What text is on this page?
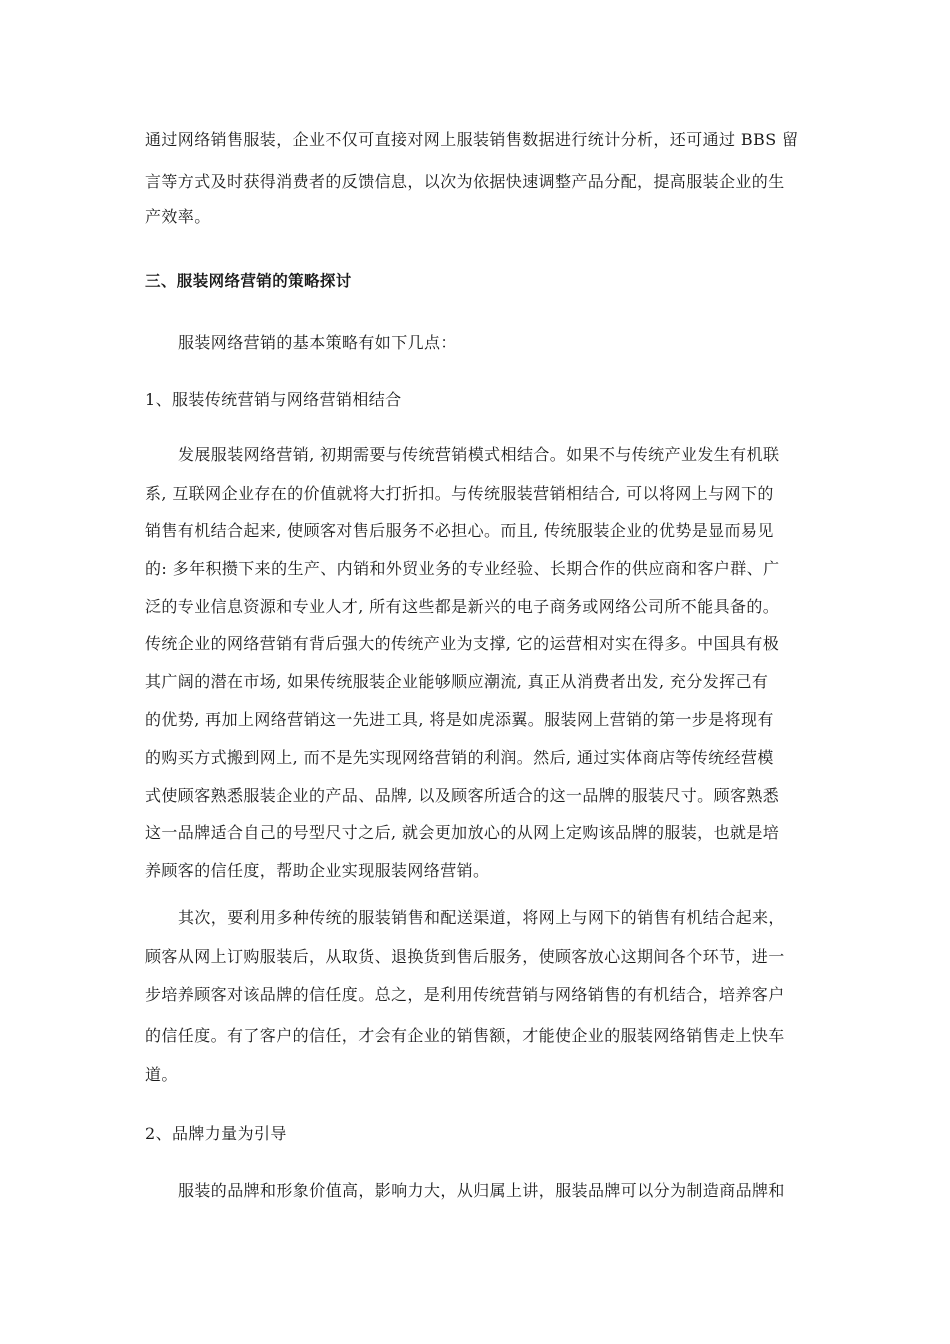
通过网络销售服装，企业不仅可直接对网上服装销售数据进行统计分析，还可通过 BBS 留
言等方式及时获得消费者的反馈信息，以次为依据快速调整产品分配，提高服装企业的生
产效率。
三、服装网络营销的策略探讨
服装网络营销的基本策略有如下几点：
1、服装传统营销与网络营销相结合
发展服装网络营销, 初期需要与传统营销模式相结合。如果不与传统产业发生有机联
系, 互联网企业存在的价值就将大打折扣。与传统服装营销相结合, 可以将网上与网下的
销售有机结合起来, 使顾客对售后服务不必担心。而且, 传统服装企业的优势是显而易见
的: 多年积攒下来的生产、内销和外贸业务的专业经验、长期合作的供应商和客户群、广
泛的专业信息资源和专业人才, 所有这些都是新兴的电子商务或网络公司所不能具备的。
传统企业的网络营销有背后强大的传统产业为支撑, 它的运营相对实在得多。中国具有极
其广阔的潜在市场, 如果传统服装企业能够顺应潮流, 真正从消费者出发, 充分发挥己有
的优势, 再加上网络营销这一先进工具, 将是如虎添翼。服装网上营销的第一步是将现有
的购买方式搬到网上, 而不是先实现网络营销的利润。然后, 通过实体商店等传统经营模
式使顾客熟悉服装企业的产品、品牌, 以及顾客所适合的这一品牌的服装尺寸。顾客熟悉
这一品牌适合自己的号型尺寸之后, 就会更加放心的从网上定购该品牌的服装，也就是培
养顾客的信任度，帮助企业实现服装网络营销。
其次，要利用多种传统的服装销售和配送渠道，将网上与网下的销售有机结合起来，
顾客从网上订购服装后，从取货、退换货到售后服务，使顾客放心这期间各个环节，进一
步培养顾客对该品牌的信任度。总之，是利用传统营销与网络销售的有机结合，培养客户
的信任度。有了客户的信任，才会有企业的销售额，才能使企业的服装网络销售走上快车
道。
2、品牌力量为引导
服装的品牌和形象价值高，影响力大，从归属上讲，服装品牌可以分为制造商品牌和
